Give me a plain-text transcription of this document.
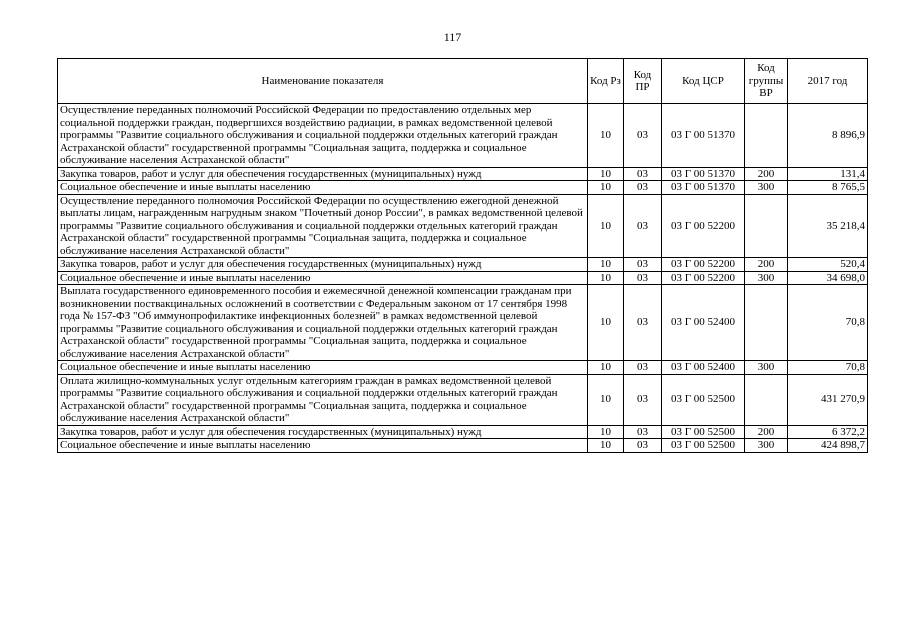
117
Наименование показателя	Код Рз	Код ПР	Код ЦСР	Код группы ВР	2017 год
Осуществление переданных полномочий Российской Федерации по предоставлению отдельных мер социальной поддержки граждан, подвергшихся воздействию радиации, в рамках ведомственной целевой программы "Развитие социального обслуживания и социальной поддержки отдельных категорий граждан Астраханской области" государственной программы "Социальная защита, поддержка и социальное обслуживание населения Астраханской области"	10	03	03 Г 00 51370		8 896,9
Закупка товаров, работ и услуг для обеспечения государственных (муниципальных) нужд	10	03	03 Г 00 51370	200	131,4
Социальное обеспечение и иные выплаты населению	10	03	03 Г 00 51370	300	8 765,5
Осуществление переданного полномочия Российской Федерации по осуществлению ежегодной денежной выплаты лицам, награжденным нагрудным знаком "Почетный донор России", в рамках ведомственной целевой программы "Развитие социального обслуживания и социальной поддержки отдельных категорий граждан Астраханской области" государственной программы "Социальная защита, поддержка и социальное обслуживание населения Астраханской области"	10	03	03 Г 00 52200		35 218,4
Закупка товаров, работ и услуг для обеспечения государственных (муниципальных) нужд	10	03	03 Г 00 52200	200	520,4
Социальное обеспечение и иные выплаты населению	10	03	03 Г 00 52200	300	34 698,0
Выплата государственного единовременного пособия и ежемесячной денежной компенсации гражданам при возникновении поствакцинальных осложнений в соответствии с Федеральным законом от 17 сентября 1998 года № 157-ФЗ "Об иммунопрофилактике инфекционных болезней" в рамках ведомственной целевой программы "Развитие социального обслуживания и социальной поддержки отдельных категорий граждан Астраханской области" государственной программы "Социальная защита, поддержка и социальное обслуживание населения Астраханской области"	10	03	03 Г 00 52400		70,8
Социальное обеспечение и иные выплаты населению	10	03	03 Г 00 52400	300	70,8
Оплата жилищно-коммунальных услуг отдельным категориям граждан в рамках ведомственной целевой программы "Развитие социального обслуживания и социальной поддержки отдельных категорий граждан Астраханской области" государственной программы "Социальная защита, поддержка и социальное обслуживание населения Астраханской области"	10	03	03 Г 00 52500		431 270,9
Закупка товаров, работ и услуг для обеспечения государственных (муниципальных) нужд	10	03	03 Г 00 52500	200	6 372,2
Социальное обеспечение и иные выплаты населению	10	03	03 Г 00 52500	300	424 898,7
